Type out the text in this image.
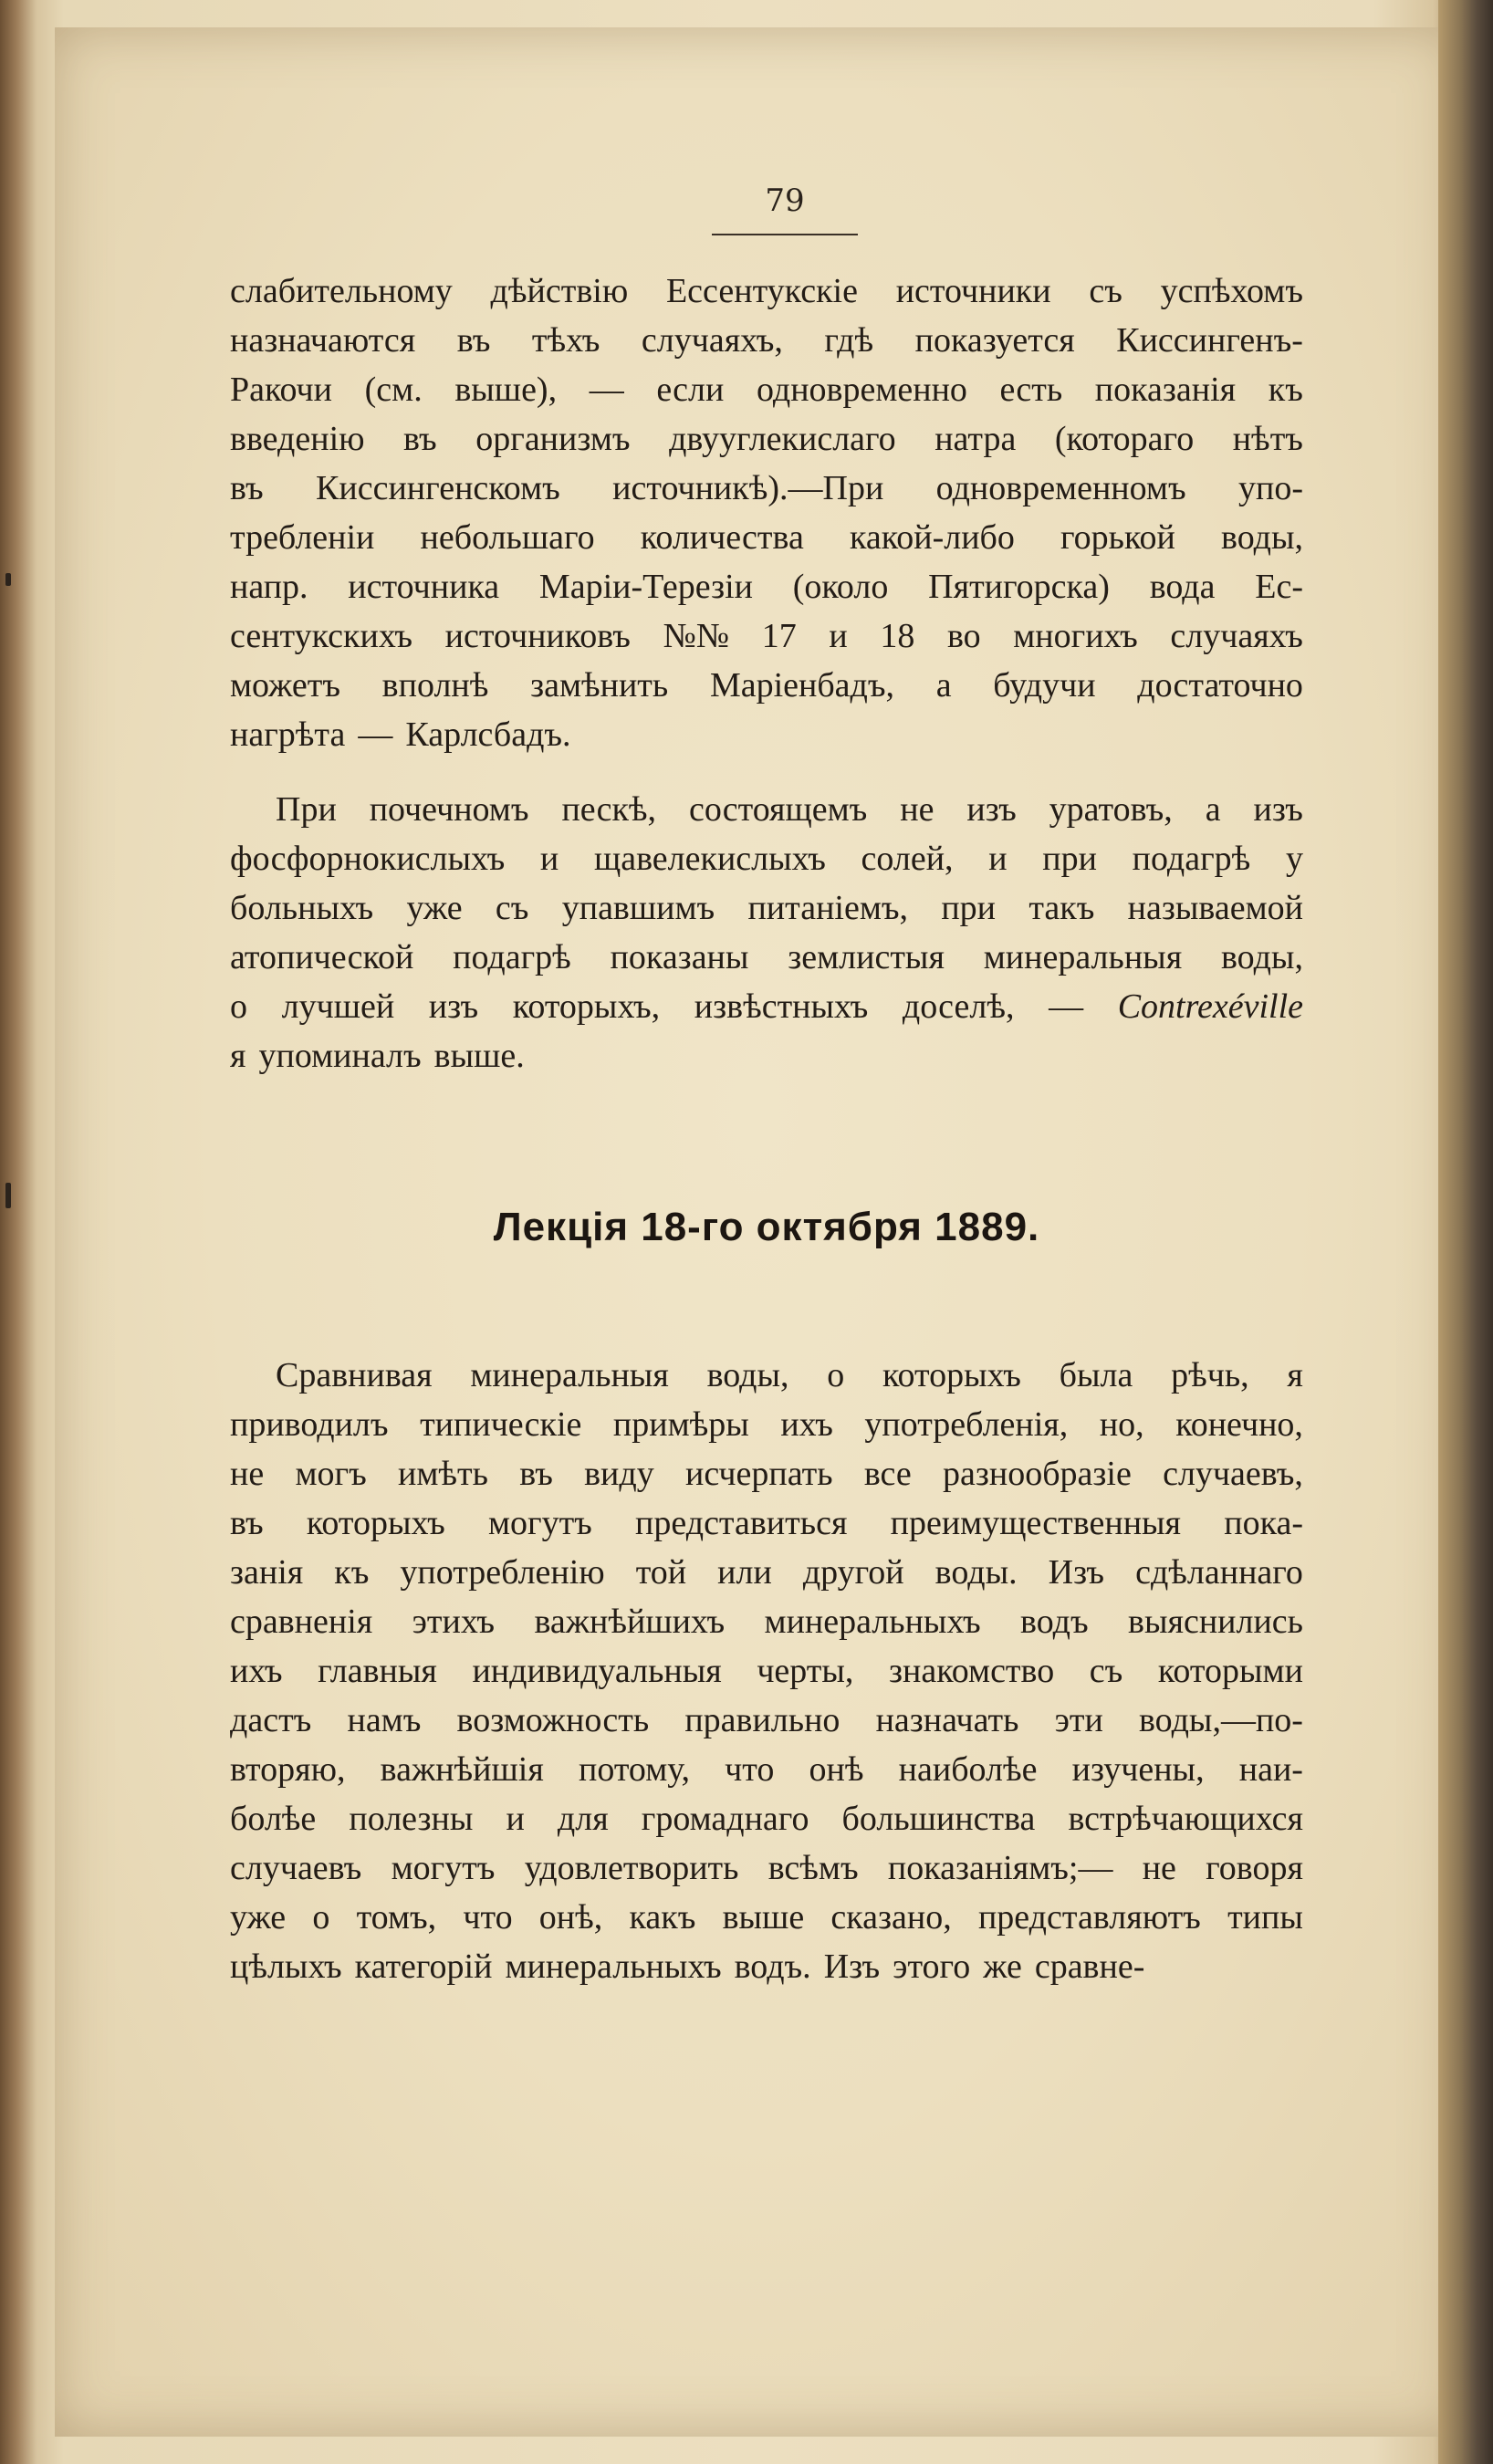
79
слабительному дѣйствiю Ессентукскiе источники съ успѣхомъ
назначаются въ тѣхъ случаяхъ, гдѣ показуется Киссингенъ-
Ракочи (см. выше), — если одновременно есть показанiя къ
введенiю въ организмъ двууглекислаго натра (котораго нѣтъ
въ Киссингенскомъ источникѣ).—При одновременномъ упо-
требленiи небольшаго количества какой-либо горькой воды,
напр. источника Марiи-Терезiи (около Пятигорска) вода Ес-
сентукскихъ источниковъ №№ 17 и 18 во многихъ случаяхъ
можетъ вполнѣ замѣнить Марiенбадъ, а будучи достаточно
нагрѣта — Карлсбадъ.
При почечномъ пескѣ, состоящемъ не изъ уратовъ, а изъ
фосфорнокислыхъ и щавелекислыхъ солей, и при подагрѣ у
больныхъ уже съ упавшимъ питанiемъ, при такъ называемой
атопической подагрѣ показаны землистыя минеральныя воды,
о лучшей изъ которыхъ, извѣстныхъ доселѣ, — Contrexéville
я упоминалъ выше.
Лекцiя 18-го октября 1889.
Сравнивая минеральныя воды, о которыхъ была рѣчь, я
приводилъ типическiе примѣры ихъ употребленiя, но, конечно,
не могъ имѣть въ виду исчерпать все разнообразiе случаевъ,
въ которыхъ могутъ представиться преимущественныя пока-
занiя къ употребленiю той или другой воды. Изъ сдѣланнаго
сравненiя этихъ важнѣйшихъ минеральныхъ водъ выяснились
ихъ главныя индивидуальныя черты, знакомство съ которыми
дастъ намъ возможность правильно назначать эти воды,—по-
вторяю, важнѣйшiя потому, что онѣ наиболѣе изучены, наи-
болѣе полезны и для громаднаго большинства встрѣчающихся
случаевъ могутъ удовлетворить всѣмъ показанiямъ;— не говоря
уже о томъ, что онѣ, какъ выше сказано, представляютъ типы
цѣлыхъ категорiй минеральныхъ водъ. Изъ этого же сравне-
